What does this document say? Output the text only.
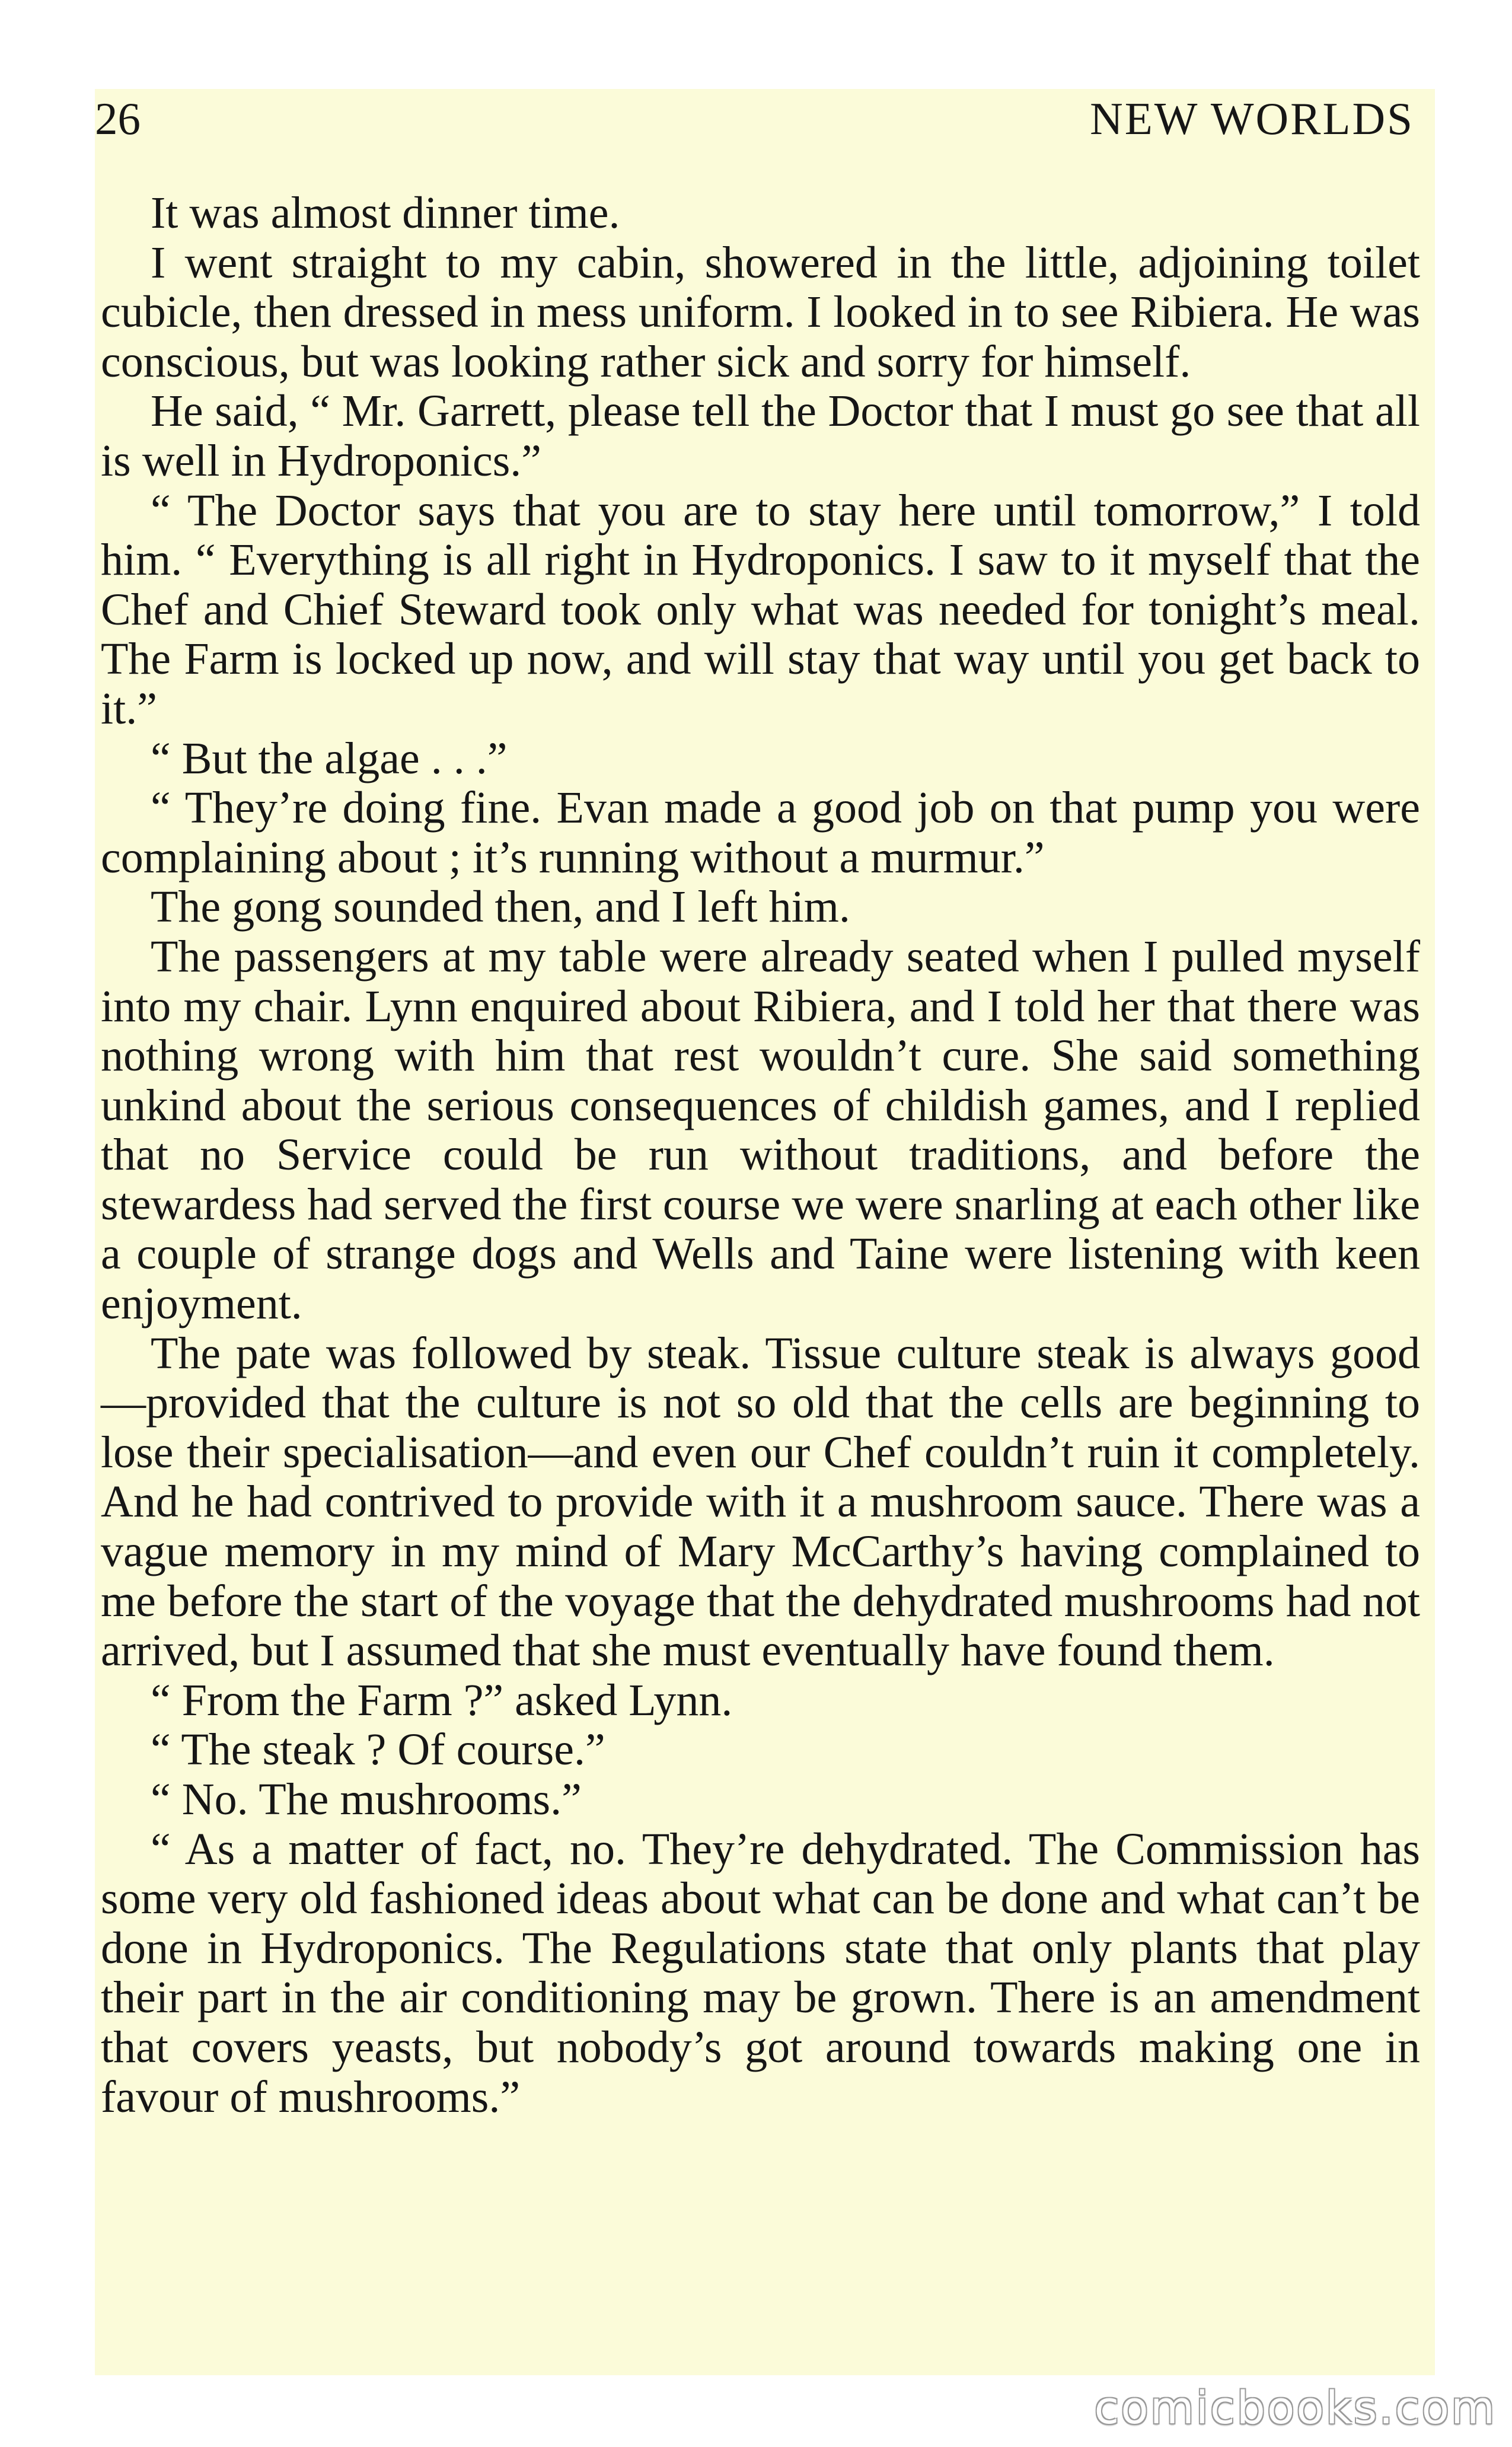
26	NEW WORLDS

It was almost dinner time.

I went straight to my cabin, showered in the little, adjoining toilet cubicle, then dressed in mess uniform. I looked in to see Ribiera. He was conscious, but was looking rather sick and sorry for himself.

He said, “ Mr. Garrett, please tell the Doctor that I must go see that all is well in Hydroponics.”

“ The Doctor says that you are to stay here until tomorrow,” I told him. “ Everything is all right in Hydroponics. I saw to it myself that the Chef and Chief Steward took only what was needed for tonight’s meal. The Farm is locked up now, and will stay that way until you get back to it.”

“ But the algae . . .”

“ They’re doing fine. Evan made a good job on that pump you were complaining about ; it’s running without a murmur.”

The gong sounded then, and I left him.

The passengers at my table were already seated when I pulled myself into my chair. Lynn enquired about Ribiera, and I told her that there was nothing wrong with him that rest wouldn’t cure. She said something unkind about the serious consequences of childish games, and I replied that no Service could be run without traditions, and before the stewardess had served the first course we were snarling at each other like a couple of strange dogs and Wells and Taine were listening with keen enjoyment.

The pate was followed by steak. Tissue culture steak is always good—provided that the culture is not so old that the cells are beginning to lose their specialisation—and even our Chef couldn’t ruin it completely. And he had contrived to provide with it a mushroom sauce. There was a vague memory in my mind of Mary McCarthy’s having complained to me before the start of the voyage that the dehydrated mushrooms had not arrived, but I assumed that she must eventually have found them.

“ From the Farm ?” asked Lynn.

“ The steak ? Of course.”

“ No. The mushrooms.”

“ As a matter of fact, no. They’re dehydrated. The Commission has some very old fashioned ideas about what can be done and what can’t be done in Hydroponics. The Regulations state that only plants that play their part in the air conditioning may be grown. There is an amendment that covers yeasts, but nobody’s got around towards making one in favour of mushrooms.”

comicbooks.com
